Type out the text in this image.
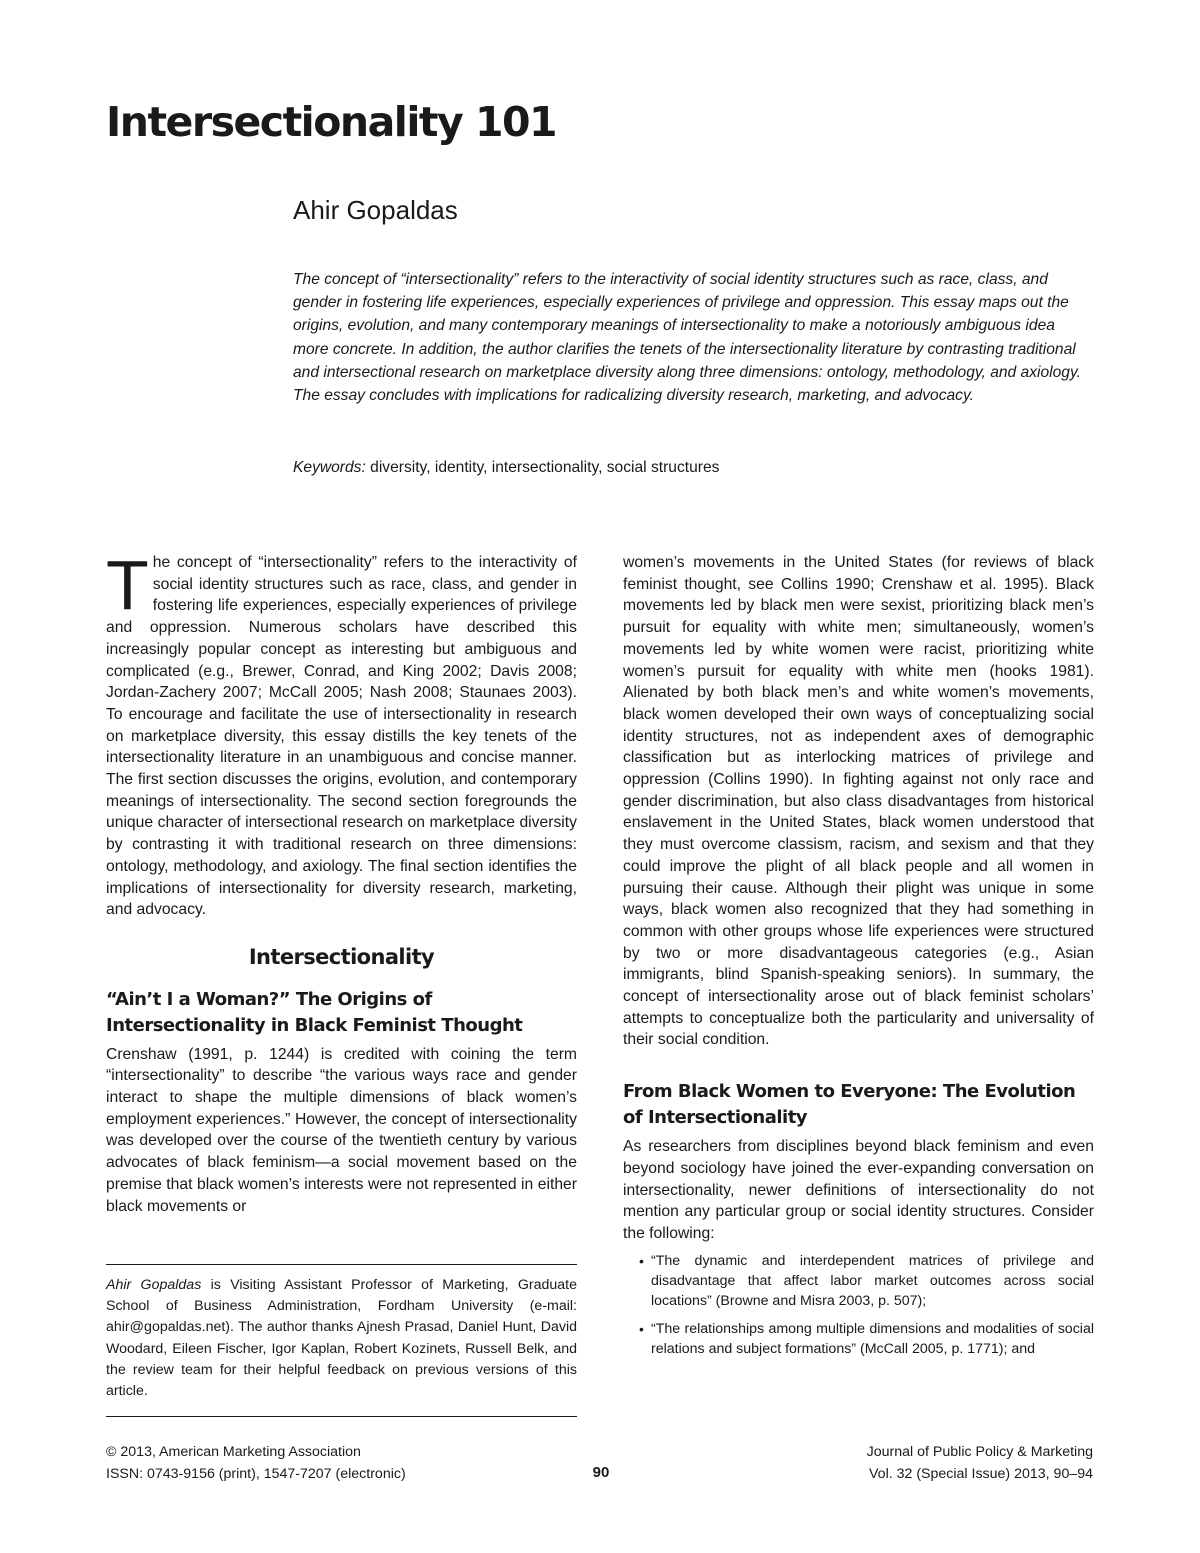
Intersectionality 101
Ahir Gopaldas

The concept of “intersectionality” refers to the interactivity of social identity structures such as race, class, and gender in fostering life experiences, especially experiences of privilege and oppression. This essay maps out the origins, evolution, and many contemporary meanings of intersectionality to make a notoriously ambiguous idea more concrete. In addition, the author clarifies the tenets of the intersectionality literature by contrasting traditional and intersectional research on marketplace diversity along three dimensions: ontology, methodology, and axiology. The essay concludes with implications for radicalizing diversity research, marketing, and advocacy.

Keywords: diversity, identity, intersectionality, social structures

The concept of “intersectionality” refers to the interactivity of social identity structures such as race, class, and gender in fostering life experiences, especially experiences of privilege and oppression. Numerous scholars have described this increasingly popular concept as interesting but ambiguous and complicated (e.g., Brewer, Conrad, and King 2002; Davis 2008; Jordan-Zachery 2007; McCall 2005; Nash 2008; Staunaes 2003). To encourage and facilitate the use of intersectionality in research on marketplace diversity, this essay distills the key tenets of the intersectionality literature in an unambiguous and concise manner. The first section discusses the origins, evolution, and contemporary meanings of intersectionality. The second section foregrounds the unique character of intersectional research on marketplace diversity by contrasting it with traditional research on three dimensions: ontology, methodology, and axiology. The final section identifies the implications of intersectionality for diversity research, marketing, and advocacy.

Intersectionality
“Ain’t I a Woman?” The Origins of Intersectionality in Black Feminist Thought

Crenshaw (1991, p. 1244) is credited with coining the term “intersectionality” to describe “the various ways race and gender interact to shape the multiple dimensions of black women’s employment experiences.” However, the concept of intersectionality was developed over the course of the twentieth century by various advocates of black feminism—a social movement based on the premise that black women’s interests were not represented in either black movements or

women’s movements in the United States (for reviews of black feminist thought, see Collins 1990; Crenshaw et al. 1995). Black movements led by black men were sexist, prioritizing black men’s pursuit for equality with white men; simultaneously, women’s movements led by white women were racist, prioritizing white women’s pursuit for equality with white men (hooks 1981). Alienated by both black men’s and white women’s movements, black women developed their own ways of conceptualizing social identity structures, not as independent axes of demographic classification but as interlocking matrices of privilege and oppression (Collins 1990). In fighting against not only race and gender discrimination, but also class disadvantages from historical enslavement in the United States, black women understood that they must overcome classism, racism, and sexism and that they could improve the plight of all black people and all women in pursuing their cause. Although their plight was unique in some ways, black women also recognized that they had something in common with other groups whose life experiences were structured by two or more disadvantageous categories (e.g., Asian immigrants, blind Spanish-speaking seniors). In summary, the concept of intersectionality arose out of black feminist scholars’ attempts to conceptualize both the particularity and universality of their social condition.

From Black Women to Everyone: The Evolution of Intersectionality

As researchers from disciplines beyond black feminism and even beyond sociology have joined the ever-expanding conversation on intersectionality, newer definitions of intersectionality do not mention any particular group or social identity structures. Consider the following:

• “The dynamic and interdependent matrices of privilege and disadvantage that affect labor market outcomes across social locations” (Browne and Misra 2003, p. 507);
• “The relationships among multiple dimensions and modalities of social relations and subject formations” (McCall 2005, p. 1771); and

Ahir Gopaldas is Visiting Assistant Professor of Marketing, Graduate School of Business Administration, Fordham University (e-mail: ahir@gopaldas.net). The author thanks Ajnesh Prasad, Daniel Hunt, David Woodard, Eileen Fischer, Igor Kaplan, Robert Kozinets, Russell Belk, and the review team for their helpful feedback on previous versions of this article.

© 2013, American Marketing Association
ISSN: 0743-9156 (print), 1547-7207 (electronic)	90
Journal of Public Policy & Marketing
Vol. 32 (Special Issue) 2013, 90–94
